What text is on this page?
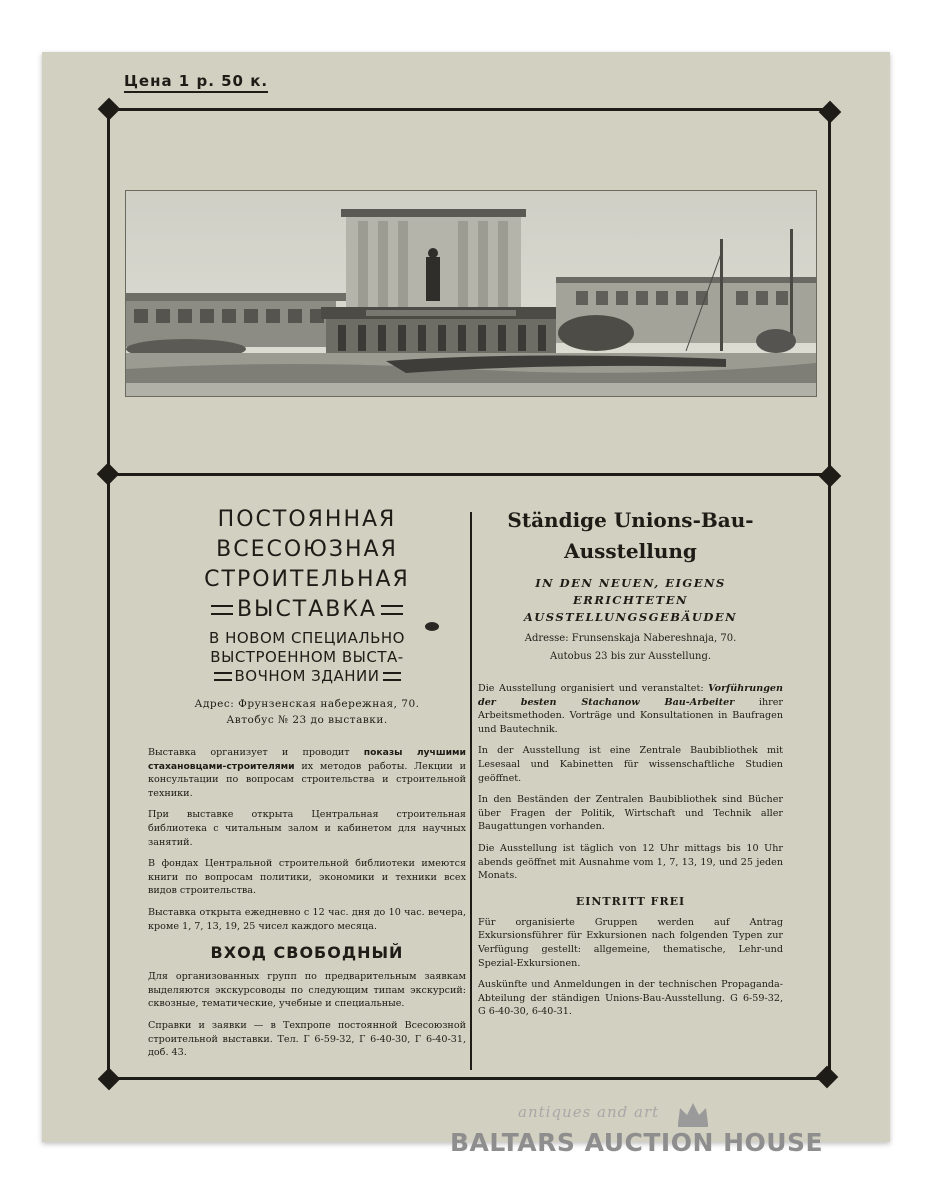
Цена 1 р. 50 к.
ПОСТОЯННАЯ
ВСЕСОЮЗНАЯ
СТРОИТЕЛЬНАЯ
ВЫСТАВКА
В НОВОМ СПЕЦИАЛЬНО
ВЫСТРОЕННОМ ВЫСТА-
ВОЧНОМ ЗДАНИИ
Адрес: Фрунзенская набережная, 70.
Автобус № 23 до выставки.
Выставка организует и проводит показы лучшими стахановцами-строителями их методов работы. Лекции и консультации по вопросам строительства и строительной техники.
При выставке открыта Центральная строительная библиотека с читальным залом и кабинетом для научных занятий.
В фондах Центральной строительной библиотеки имеются книги по вопросам политики, экономики и техники всех видов строительства.
Выставка открыта ежедневно с 12 час. дня до 10 час. вечера, кроме 1, 7, 13, 19, 25 чисел каждого месяца.
ВХОД СВОБОДНЫЙ
Для организованных групп по предварительным заявкам выделяются экскурсоводы по следующим типам экскурсий: сквозные, тематические, учебные и специальные.
Справки и заявки — в Техпропе постоянной Всесоюзной строительной выставки. Тел. Г 6-59-32, Г 6-40-30, Г 6-40-31, доб. 43.
Ständige Unions-Bau-
Ausstellung
IN DEN NEUEN, EIGENS
ERRICHTETEN
AUSSTELLUNGSGEBÄUDEN
Adresse: Frunsenskaja Nabereshnaja, 70.
Autobus 23 bis zur Ausstellung.
Die Ausstellung organisiert und veranstaltet: Vorführungen der besten Stachanow Bau-Arbeiter ihrer Arbeitsmethoden. Vorträge und Konsultationen in Baufragen und Bautechnik.
In der Ausstellung ist eine Zentrale Baubibliothek mit Lesesaal und Kabinetten für wissenschaftliche Studien geöffnet.
In den Beständen der Zentralen Baubibliothek sind Bücher über Fragen der Politik, Wirtschaft und Technik aller Baugattungen vorhanden.
Die Ausstellung ist täglich von 12 Uhr mittags bis 10 Uhr abends geöffnet mit Ausnahme vom 1, 7, 13, 19, und 25 jeden Monats.
EINTRITT FREI
Für organisierte Gruppen werden auf Antrag Exkursionsführer für Exkursionen nach folgenden Typen zur Verfügung gestellt: allgemeine, thematische, Lehr-und Spezial-Exkursionen.
Auskünfte und Anmeldungen in der technischen Propaganda-Abteilung der ständigen Unions-Bau-Ausstellung. G 6-59-32, G 6-40-30, 6-40-31.
antiques and art
BALTARS AUCTION HOUSE
